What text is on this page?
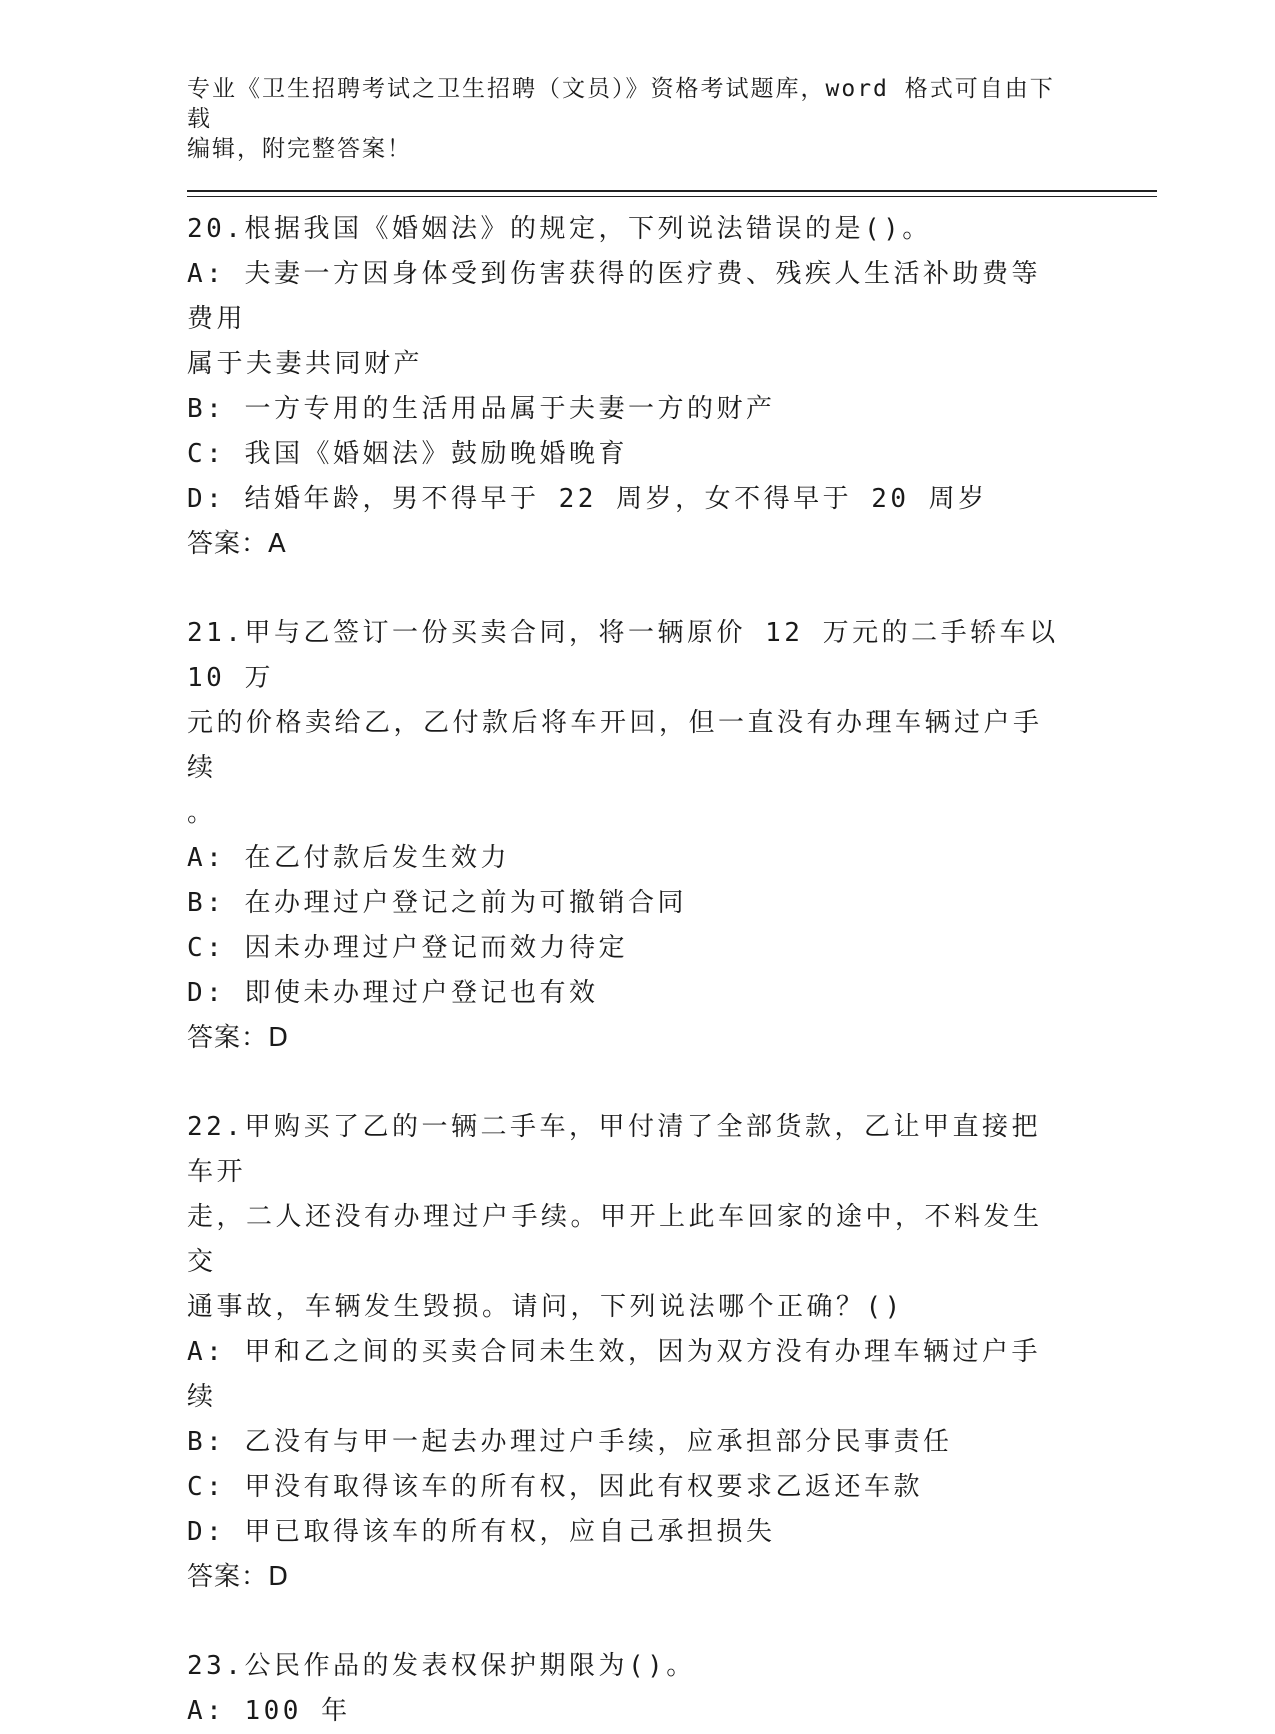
专业《卫生招聘考试之卫生招聘（文员）》资格考试题库，word 格式可自由下载
编辑，附完整答案！

20.根据我国《婚姻法》的规定，下列说法错误的是()。

A: 夫妻一方因身体受到伤害获得的医疗费、残疾人生活补助费等费用

属于夫妻共同财产

B: 一方专用的生活用品属于夫妻一方的财产

C: 我国《婚姻法》鼓励晚婚晚育

D: 结婚年龄，男不得早于 22 周岁，女不得早于 20 周岁

答案：A

21.甲与乙签订一份买卖合同，将一辆原价 12 万元的二手轿车以 10 万

元的价格卖给乙，乙付款后将车开回，但一直没有办理车辆过户手续

。

A: 在乙付款后发生效力

B: 在办理过户登记之前为可撤销合同

C: 因未办理过户登记而效力待定

D: 即使未办理过户登记也有效

答案：D

22.甲购买了乙的一辆二手车，甲付清了全部货款，乙让甲直接把车开

走，二人还没有办理过户手续。甲开上此车回家的途中，不料发生交

通事故，车辆发生毁损。请问，下列说法哪个正确？()

A: 甲和乙之间的买卖合同未生效，因为双方没有办理车辆过户手续

B: 乙没有与甲一起去办理过户手续，应承担部分民事责任

C: 甲没有取得该车的所有权，因此有权要求乙返还车款

D: 甲已取得该车的所有权，应自己承担损失

答案：D

23.公民作品的发表权保护期限为()。

A: 100 年
